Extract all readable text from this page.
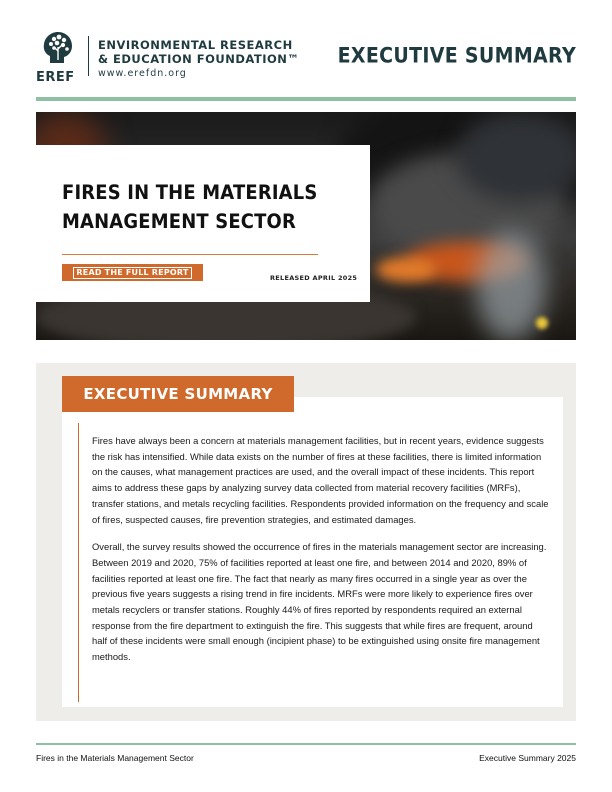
EREF
ENVIRONMENTAL RESEARCH
& EDUCATION FOUNDATION™
www.erefdn.org
EXECUTIVE SUMMARY
FIRES IN THE MATERIALS MANAGEMENT SECTOR
READ THE FULL REPORT
RELEASED APRIL 2025
EXECUTIVE SUMMARY

Fires have always been a concern at materials management facilities, but in recent years, evidence suggests the risk has intensified. While data exists on the number of fires at these facilities, there is limited information on the causes, what management practices are used, and the overall impact of these incidents. This report aims to address these gaps by analyzing survey data collected from material recovery facilities (MRFs), transfer stations, and metals recycling facilities. Respondents provided information on the frequency and scale of fires, suspected causes, fire prevention strategies, and estimated damages.

Overall, the survey results showed the occurrence of fires in the materials management sector are increasing. Between 2019 and 2020, 75% of facilities reported at least one fire, and between 2014 and 2020, 89% of facilities reported at least one fire. The fact that nearly as many fires occurred in a single year as over the previous five years suggests a rising trend in fire incidents. MRFs were more likely to experience fires over metals recyclers or transfer stations. Roughly 44% of fires reported by respondents required an external response from the fire department to extinguish the fire. This suggests that while fires are frequent, around half of these incidents were small enough (incipient phase) to be extinguished using onsite fire management methods.

Fires in the Materials Management Sector	Executive Summary 2025
